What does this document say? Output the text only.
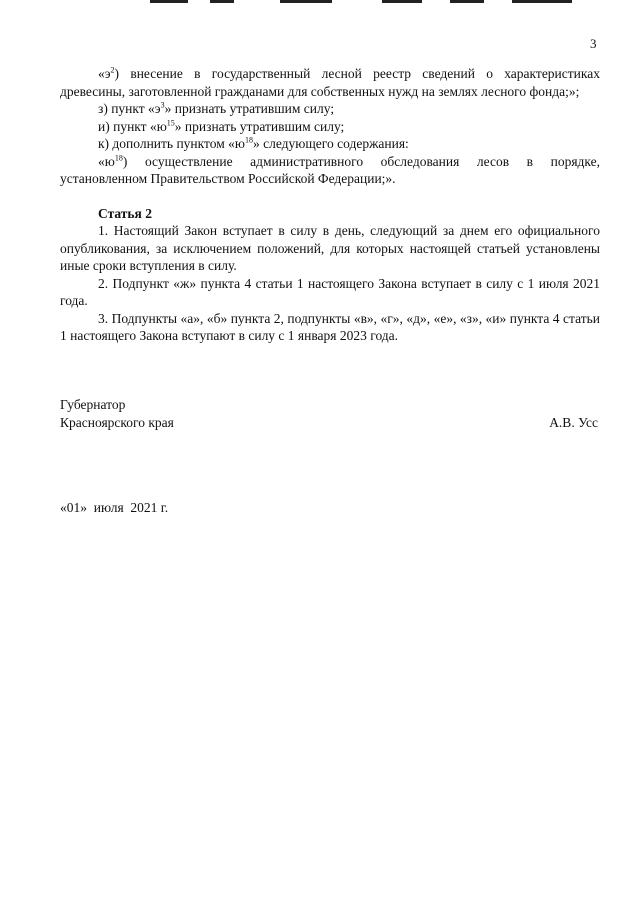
3

«$э^2$) внесение в государственный лесной реестр сведений о характеристиках древесины, заготовленной гражданами для собственных нужд на землях лесного фонда;»;

з) пункт «$э^3$» признать утратившим силу;

и) пункт «$ю^{15}$» признать утратившим силу;

к) дополнить пунктом «$ю^{18}$» следующего содержания:

«$ю^{18}$) осуществление административного обследования лесов в порядке, установленном Правительством Российской Федерации;».

Статья 2

1. Настоящий Закон вступает в силу в день, следующий за днем его официального опубликования, за исключением положений, для которых настоящей статьей установлены иные сроки вступления в силу.

2. Подпункт «ж» пункта 4 статьи 1 настоящего Закона вступает в силу с 1 июля 2021 года.

3. Подпункты «а», «б» пункта 2, подпункты «в», «г», «д», «е», «з», «и» пункта 4 статьи 1 настоящего Закона вступают в силу с 1 января 2023 года.

Губернатор
Красноярского края	А.В. Усс
«01»  июля  2021 г.
